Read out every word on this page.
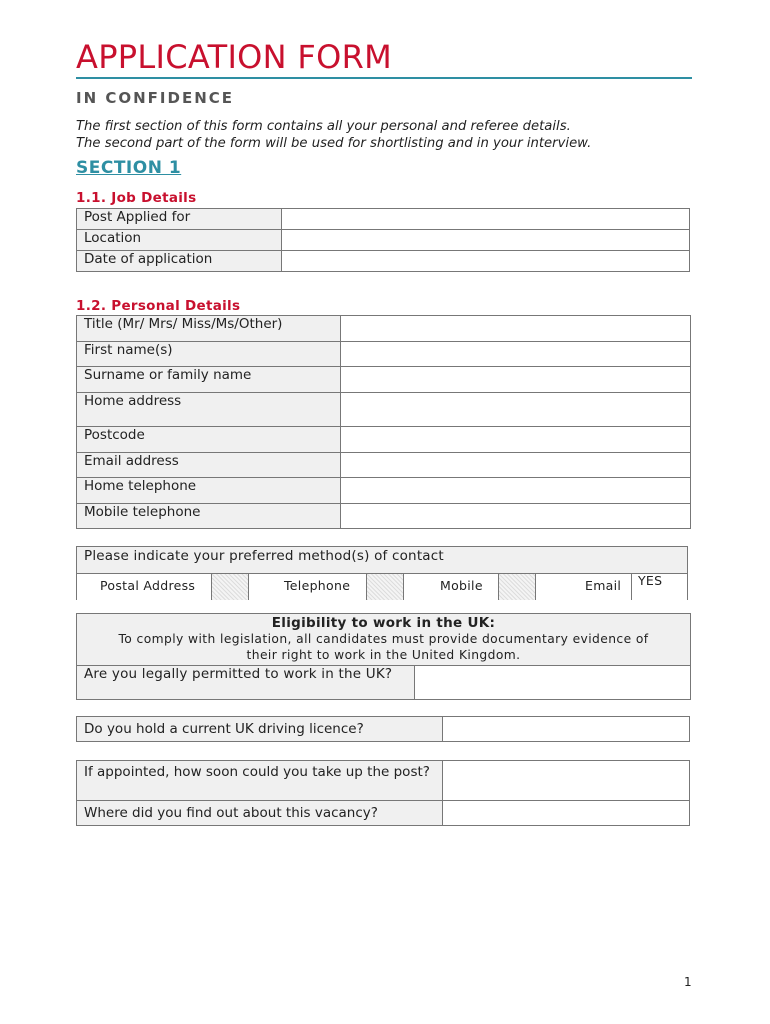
APPLICATION FORM
IN CONFIDENCE
The first section of this form contains all your personal and referee details.
The second part of the form will be used for shortlisting and in your interview.
SECTION 1
1.1. Job Details
Post Applied for	
Location	
Date of application	
1.2. Personal Details
Title (Mr/ Mrs/ Miss/Ms/Other)	
First name(s)	
Surname or family name	
Home address	
Postcode	
Email address	
Home telephone	
Mobile telephone	
Please indicate your preferred method(s) of contact
Postal Address	Telephone	Mobile	Email YES
Eligibility to work in the UK:
To comply with legislation, all candidates must provide documentary evidence of
their right to work in the United Kingdom.
Are you legally permitted to work in the UK?
Do you hold a current UK driving licence?	
If appointed, how soon could you take up the post?	
Where did you find out about this vacancy?	
1
